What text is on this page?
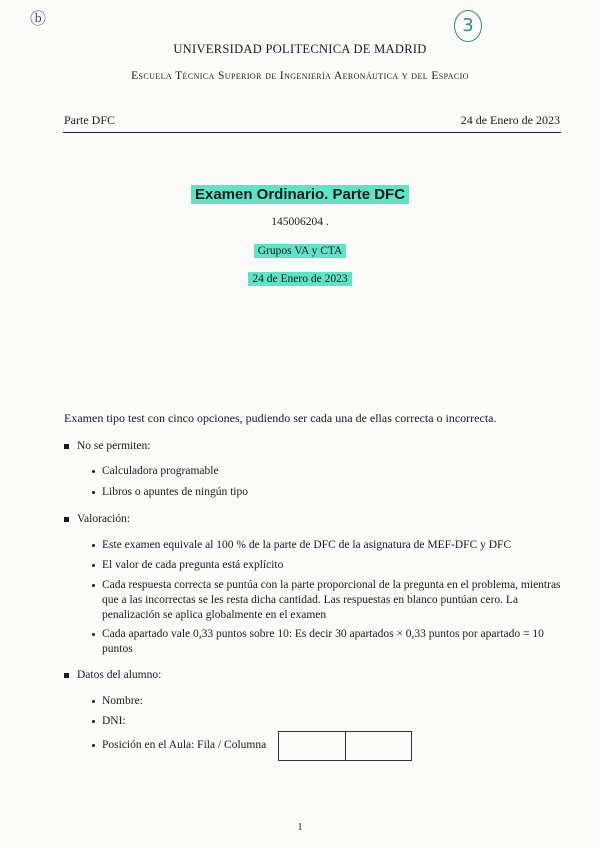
ⓑ	3
UNIVERSIDAD POLITECNICA DE MADRID
Escuela Técnica Superior de Ingeniería Aeronáutica y del Espacio
Parte DFC	24 de Enero de 2023
Examen Ordinario. Parte DFC
145006204 .
Grupos VA y CTA
24 de Enero de 2023
Examen tipo test con cinco opciones, pudiendo ser cada una de ellas correcta o incorrecta.
No se permiten:
Calculadora programable
Libros o apuntes de ningún tipo
Valoración:
Este examen equivale al 100 % de la parte de DFC de la asignatura de MEF-DFC y DFC
El valor de cada pregunta está explícito
Cada respuesta correcta se puntúa con la parte proporcional de la pregunta en el problema, mientras que a las incorrectas se les resta dicha cantidad. Las respuestas en blanco puntúan cero. La penalización se aplica globalmente en el examen
Cada apartado vale 0,33 puntos sobre 10: Es decir 30 apartados × 0,33 puntos por apartado = 10 puntos
Datos del alumno:
Nombre:
DNI:
Posición en el Aula: Fila / Columna
1
